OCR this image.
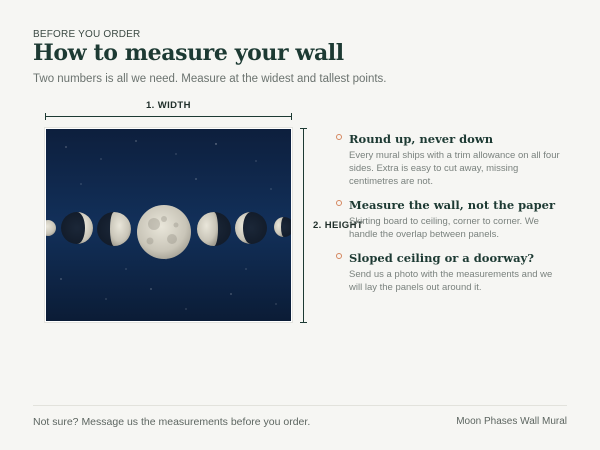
BEFORE YOU ORDER
How to measure your wall
Two numbers is all we need. Measure at the widest and tallest points.
1. WIDTH
2. HEIGHT
Round up, never down

Every mural ships with a trim allowance on all four sides. Extra is easy to cut away, missing centimetres are not.

Measure the wall, not the paper

Skirting board to ceiling, corner to corner. We handle the overlap between panels.

Sloped ceiling or a doorway?

Send us a photo with the measurements and we will lay the panels out around it.

Not sure? Message us the measurements before you order.	Moon Phases Wall Mural
